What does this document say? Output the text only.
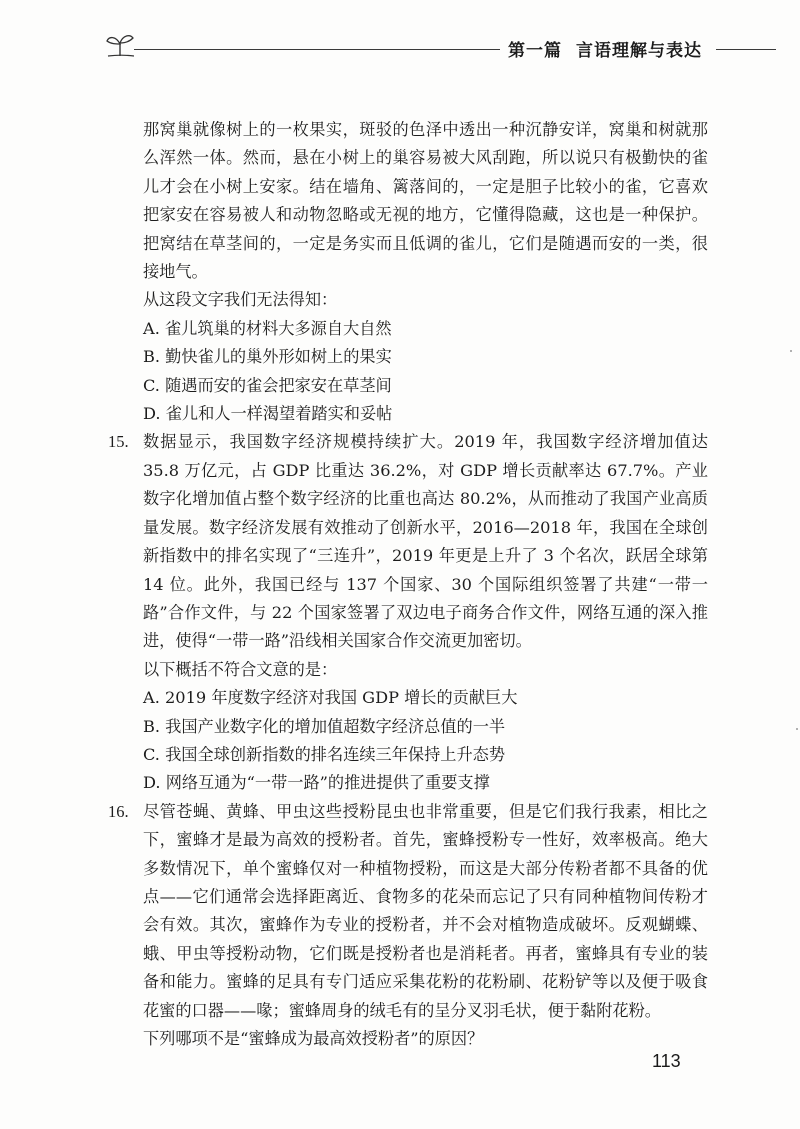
第一篇 言语理解与表达

那窝巢就像树上的一枚果实，斑驳的色泽中透出一种沉静安详，窝巢和树就那么浑然一体。然而，悬在小树上的巢容易被大风刮跑，所以说只有极勤快的雀儿才会在小树上安家。结在墙角、篱落间的，一定是胆子比较小的雀，它喜欢把家安在容易被人和动物忽略或无视的地方，它懂得隐藏，这也是一种保护。把窝结在草茎间的，一定是务实而且低调的雀儿，它们是随遇而安的一类，很接地气。

从这段文字我们无法得知：

A. 雀儿筑巢的材料大多源自大自然

B. 勤快雀儿的巢外形如树上的果实

C. 随遇而安的雀会把家安在草茎间

D. 雀儿和人一样渴望着踏实和妥帖

15. 数据显示，我国数字经济规模持续扩大。2019 年，我国数字经济增加值达 35.8 万亿元，占 GDP 比重达 36.2%，对 GDP 增长贡献率达 67.7%。产业数字化增加值占整个数字经济的比重也高达 80.2%，从而推动了我国产业高质量发展。数字经济发展有效推动了创新水平，2016—2018 年，我国在全球创新指数中的排名实现了“三连升”，2019 年更是上升了 3 个名次，跃居全球第 14 位。此外，我国已经与 137 个国家、30 个国际组织签署了共建“一带一路”合作文件，与 22 个国家签署了双边电子商务合作文件，网络互通的深入推进，使得“一带一路”沿线相关国家合作交流更加密切。

以下概括不符合文意的是：

A. 2019 年度数字经济对我国 GDP 增长的贡献巨大

B. 我国产业数字化的增加值超数字经济总值的一半

C. 我国全球创新指数的排名连续三年保持上升态势

D. 网络互通为“一带一路”的推进提供了重要支撑

16. 尽管苍蝇、黄蜂、甲虫这些授粉昆虫也非常重要，但是它们我行我素，相比之下，蜜蜂才是最为高效的授粉者。首先，蜜蜂授粉专一性好，效率极高。绝大多数情况下，单个蜜蜂仅对一种植物授粉，而这是大部分传粉者都不具备的优点——它们通常会选择距离近、食物多的花朵而忘记了只有同种植物间传粉才会有效。其次，蜜蜂作为专业的授粉者，并不会对植物造成破坏。反观蝴蝶、蛾、甲虫等授粉动物，它们既是授粉者也是消耗者。再者，蜜蜂具有专业的装备和能力。蜜蜂的足具有专门适应采集花粉的花粉刷、花粉铲等以及便于吸食花蜜的口器——喙；蜜蜂周身的绒毛有的呈分叉羽毛状，便于黏附花粉。

下列哪项不是“蜜蜂成为最高效授粉者”的原因？

113
